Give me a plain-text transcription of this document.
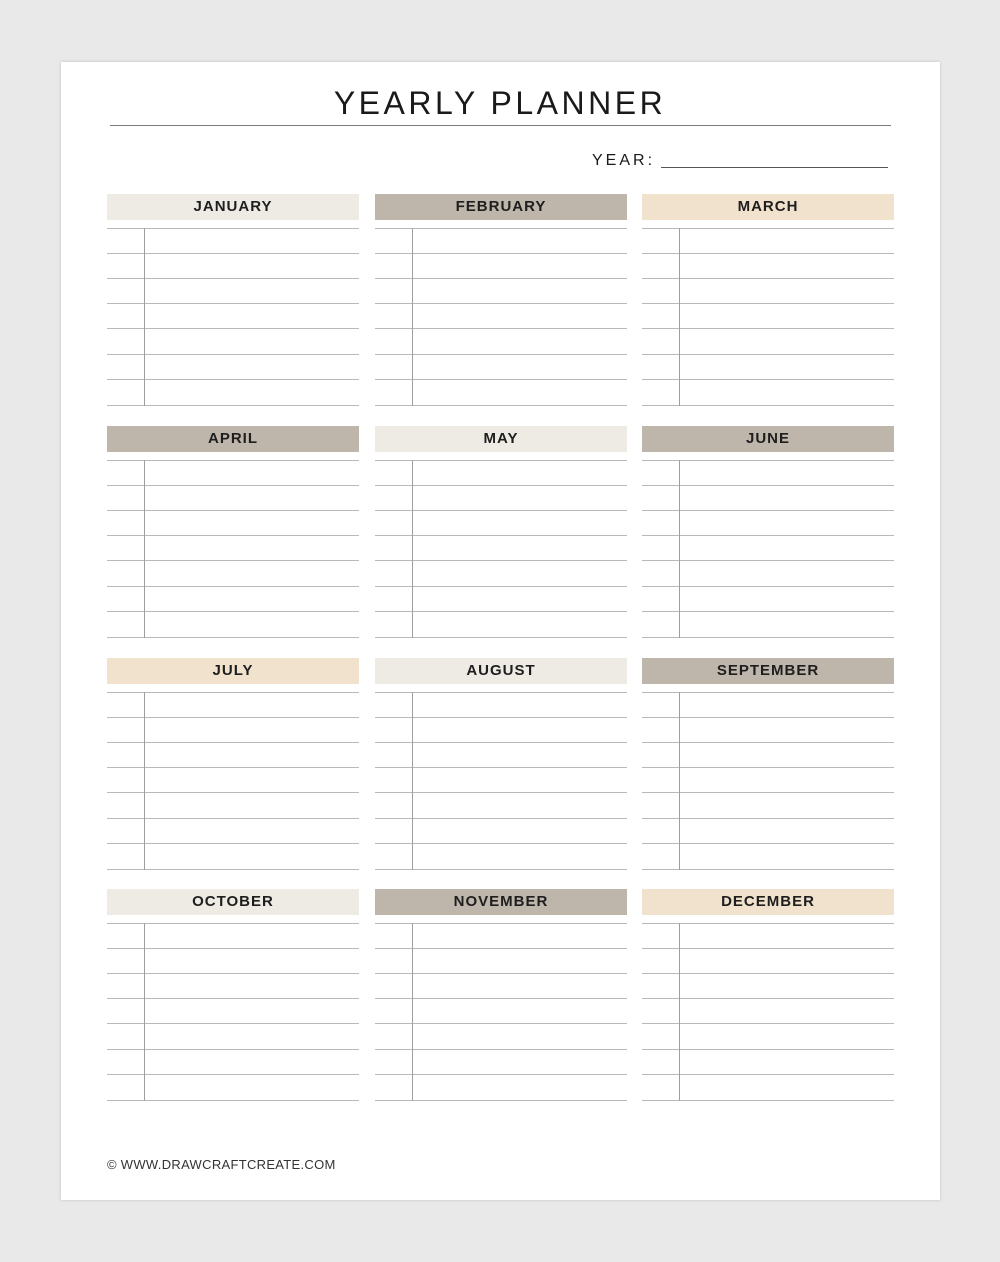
YEARLY PLANNER
YEAR:
JANUARY	FEBRUARY	MARCH
APRIL	MAY	JUNE
JULY	AUGUST	SEPTEMBER
OCTOBER	NOVEMBER	DECEMBER
© WWW.DRAWCRAFTCREATE.COM
